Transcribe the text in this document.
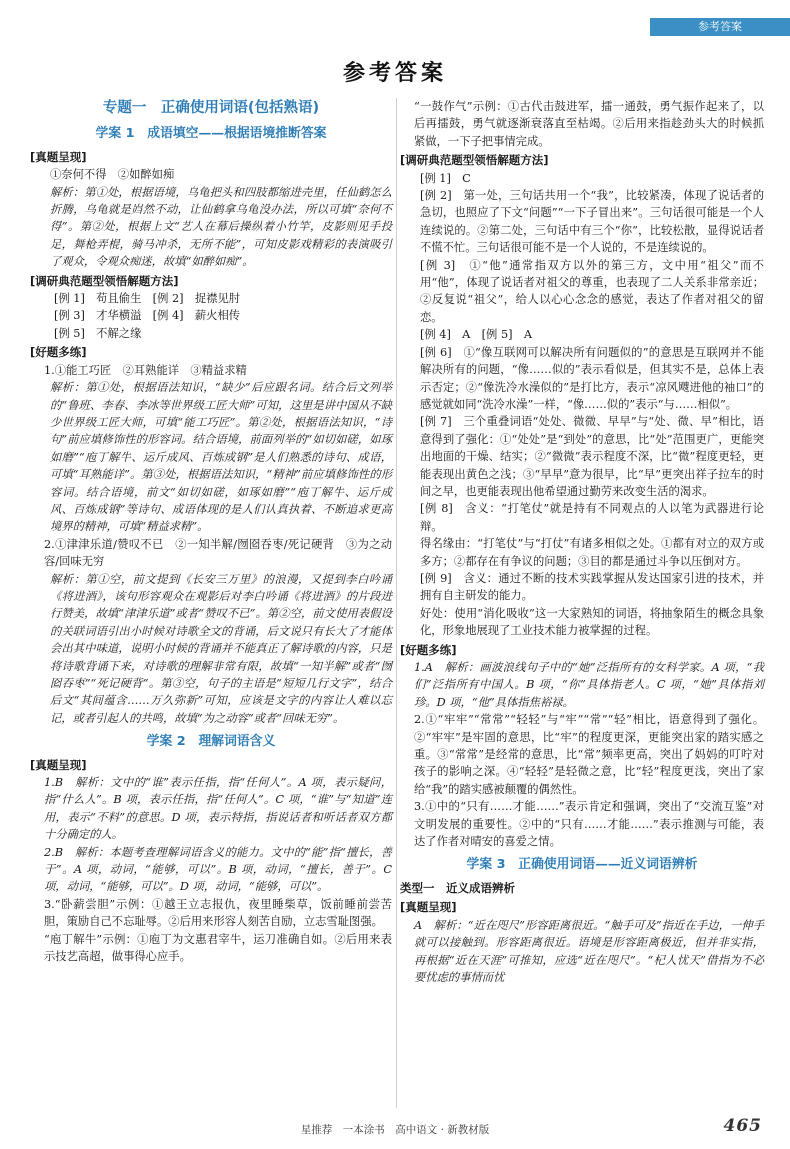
参考答案
参考答案
专题一　正确使用词语(包括熟语)
学案 1　成语填空——根据语境推断答案
[真题呈现]

①奈何不得　②如醉如痴

解析：第①处，根据语境，乌龟把头和四肢都缩进壳里，任仙鹤怎么折腾，乌龟就是岿然不动，让仙鹤拿乌龟没办法，所以可填“奈何不得”。第②处，根据上文“艺人在幕后操纵着小竹竿，皮影则见手投足，舞枪弄棍，骑马冲杀，无所不能”，可知皮影戏精彩的表演吸引了观众，令观众痴迷，故填“如醉如痴”。

[调研典范题型领悟解题方法]

[例 1]　苟且偷生　[例 2]　捉襟见肘

[例 3]　才华横溢　[例 4]　薪火相传

[例 5]　不解之缘

[好题多练]

1.①能工巧匠　②耳熟能详　③精益求精

解析：第①处，根据语法知识，“缺少”后应跟名词。结合后文列举的“鲁班、李春、李冰等世界级工匠大师”可知，这里是讲中国从不缺少世界级工匠大师，可填“能工巧匠”。第②处，根据语法知识，“诗句”前应填修饰性的形容词。结合语境，前面列举的“如切如磋，如琢如磨”“庖丁解牛、运斤成风、百炼成钢”是人们熟悉的诗句、成语，可填“耳熟能详”。第③处，根据语法知识，“精神”前应填修饰性的形容词。结合语境，前文“如切如磋，如琢如磨”“庖丁解牛、运斤成风、百炼成钢”等诗句、成语体现的是人们认真执着、不断追求更高境界的精神，可填“精益求精”。

2.①津津乐道/赞叹不已　②一知半解/囫囵吞枣/死记硬背　③为之动容/回味无穷

解析：第①空，前文提到《长安三万里》的浪漫，又提到李白吟诵《将进酒》，该句形容观众在观影后对李白吟诵《将进酒》的片段进行赞美，故填“津津乐道”或者“赞叹不已”。第②空，前文使用表假设的关联词语引出小时候对诗歌全文的背诵，后文说只有长大了才能体会出其中味道，说明小时候的背诵并不能真正了解诗歌的内容，只是将诗歌背诵下来，对诗歌的理解非常有限，故填“一知半解”或者“囫囵吞枣”“死记硬背”。第③空，句子的主语是“短短几行文字”，结合后文“其间蕴含……万久弥新”可知，应该是文字的内容让人难以忘记，或者引起人的共鸣，故填“为之动容”或者“回味无穷”。

学案 2　理解词语含义
[真题呈现]

1.B　解析：文中的“谁”表示任指，指“任何人”。A 项，表示疑问，指“什么人”。B 项，表示任指，指“任何人”。C 项，“谁”与“知道”连用，表示“不料”的意思。D 项，表示特指，指说话者和听话者双方都十分确定的人。

2.B　解析：本题考查理解词语含义的能力。文中的“能”指“擅长，善于”。A 项，动词，“能够，可以”。B 项，动词，“擅长，善于”。C 项，动词，“能够，可以”。D 项，动词，“能够，可以”。

3.“卧薪尝胆”示例：①越王立志报仇，夜里睡柴草，饭前睡前尝苦胆，策励自己不忘耻辱。②后用来形容人刻苦自励，立志雪耻图强。

“庖丁解牛”示例：①庖丁为文惠君宰牛，运刀准确自如。②后用来表示技艺高超，做事得心应手。

“一鼓作气”示例：①古代击鼓进军，擂一通鼓，勇气振作起来了，以后再擂鼓，勇气就逐渐衰落直至枯竭。②后用来指趁劲头大的时候抓紧做，一下子把事情完成。

[调研典范题型领悟解题方法]

[例 1]　C

[例 2]　第一处，三句话共用一个“我”，比较紧凑，体现了说话者的急切，也照应了下文“问题”“一下子冒出来”。三句话很可能是一个人连续说的。②第二处，三句话中有三个“你”，比较松散，显得说话者不慌不忙。三句话很可能不是一个人说的，不是连续说的。

[例 3]　①“他”通常指双方以外的第三方，文中用“祖父”而不用“他”，体现了说话者对祖父的尊重，也表现了二人关系非常亲近；②反复说“祖父”，给人以心心念念的感觉，表达了作者对祖父的留恋。

[例 4]　A　[例 5]　A

[例 6]　①“像互联网可以解决所有问题似的”的意思是互联网并不能解决所有的问题，“像……似的”表示看似是，但其实不是，总体上表示否定；②“像洗冷水澡似的”是打比方，表示“凉风飕进他的袖口”的感觉就如同“洗冷水澡”一样，“像……似的”表示“与……相似”。

[例 7]　三个重叠词语“处处、微微、早早”与“处、微、早”相比，语意得到了强化：①“处处”是“到处”的意思，比“处”范围更广，更能突出地面的干燥、结实；②“微微”表示程度不深，比“微”程度更轻，更能表现出黄色之浅；③“早早”意为很早，比“早”更突出祥子拉车的时间之早，也更能表现出他希望通过勤劳来改变生活的渴求。

[例 8]　含义：“打笔仗”就是持有不同观点的人以笔为武器进行论辩。

得名缘由：“打笔仗”与“打仗”有诸多相似之处。①都有对立的双方或多方；②都存在有争议的问题；③目的都是通过斗争以压倒对方。

[例 9]　含义：通过不断的技术实践掌握从发达国家引进的技术，并拥有自主研发的能力。

好处：使用“消化吸收”这一大家熟知的词语，将抽象陌生的概念具象化，形象地展现了工业技术能力被掌握的过程。

[好题多练]

1.A　解析：画波浪线句子中的“她”泛指所有的女科学家。A 项，“我们”泛指所有中国人。B 项，“你”具体指老人。C 项，“她”具体指刘珍。D 项，“他”具体指焦裕禄。

2.①“牢牢”“常常”“轻轻”与“牢”“常”“轻”相比，语意得到了强化。②“牢牢”是牢固的意思，比“牢”的程度更深，更能突出家的踏实感之重。③“常常”是经常的意思，比“常”频率更高，突出了妈妈的叮咛对孩子的影响之深。④“轻轻”是轻微之意，比“轻”程度更浅，突出了家给“我”的踏实感被颠覆的偶然性。

3.①中的“只有……才能……”表示肯定和强调，突出了“交流互鉴”对文明发展的重要性。②中的“只有……才能……”表示推测与可能，表达了作者对晴安的喜爱之情。

学案 3　正确使用词语——近义词语辨析
类型一　近义成语辨析
[真题呈现]

A　解析：“近在咫尺”形容距离很近。“触手可及”指近在手边，一伸手就可以接触到。形容距离很近。语境是形容距离极近，但并非实指，再根据“近在天涯”可推知，应选“近在咫尺”。“杞人忧天”借指为不必要忧虑的事情而忧

星推荐　一本涂书　高中语文 · 新教材版	465
